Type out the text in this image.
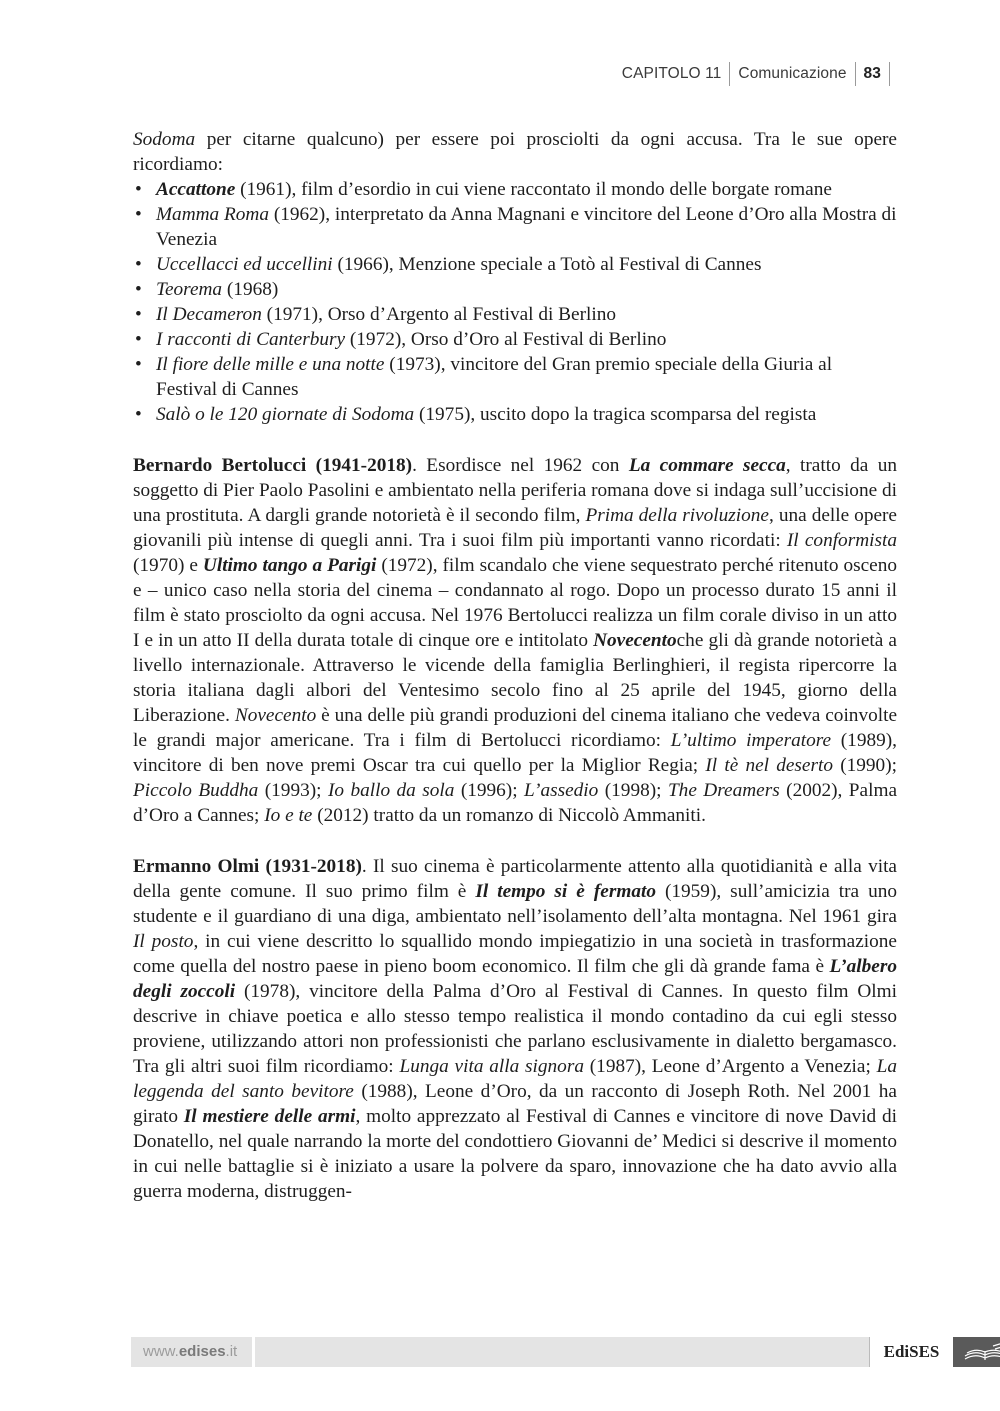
CAPITOLO 11 Comunicazione 83

Sodoma per citarne qualcuno) per essere poi prosciolti da ogni accusa. Tra le sue opere ricordiamo:

• Accattone (1961), film d’esordio in cui viene raccontato il mondo delle borgate romane
• Mamma Roma (1962), interpretato da Anna Magnani e vincitore del Leone d’Oro alla Mostra di Venezia
• Uccellacci ed uccellini (1966), Menzione speciale a Totò al Festival di Cannes
• Teorema (1968)
• Il Decameron (1971), Orso d’Argento al Festival di Berlino
• I racconti di Canterbury (1972), Orso d’Oro al Festival di Berlino
• Il fiore delle mille e una notte (1973), vincitore del Gran premio speciale della Giuria al Festival di Cannes
• Salò o le 120 giornate di Sodoma (1975), uscito dopo la tragica scomparsa del regista

Bernardo Bertolucci (1941-2018). Esordisce nel 1962 con La commare secca, tratto da un soggetto di Pier Paolo Pasolini e ambientato nella periferia romana dove si indaga sull’uccisione di una prostituta. A dargli grande notorietà è il secondo film, Prima della rivoluzione, una delle opere giovanili più intense di quegli anni. Tra i suoi film più importanti vanno ricordati: Il conformista (1970) e Ultimo tango a Parigi (1972), film scandalo che viene sequestrato perché ritenuto osceno e – unico caso nella storia del cinema – condannato al rogo. Dopo un processo durato 15 anni il film è stato prosciolto da ogni accusa. Nel 1976 Bertolucci realizza un film corale diviso in un atto I e in un atto II della durata totale di cinque ore e intitolato Novecentoche gli dà grande notorietà a livello internazionale. Attraverso le vicende della famiglia Berlinghieri, il regista ripercorre la storia italiana dagli albori del Ventesimo secolo fino al 25 aprile del 1945, giorno della Liberazione. Novecento è una delle più grandi produzioni del cinema italiano che vedeva coinvolte le grandi major americane. Tra i film di Bertolucci ricordiamo: L’ultimo imperatore (1989), vincitore di ben nove premi Oscar tra cui quello per la Miglior Regia; Il tè nel deserto (1990); Piccolo Buddha (1993); Io ballo da sola (1996); L’assedio (1998); The Dreamers (2002), Palma d’Oro a Cannes; Io e te (2012) tratto da un romanzo di Niccolò Ammaniti.

Ermanno Olmi (1931-2018). Il suo cinema è particolarmente attento alla quotidianità e alla vita della gente comune. Il suo primo film è Il tempo si è fermato (1959), sull’amicizia tra uno studente e il guardiano di una diga, ambientato nell’isolamento dell’alta montagna. Nel 1961 gira Il posto, in cui viene descritto lo squallido mondo impiegatizio in una società in trasformazione come quella del nostro paese in pieno boom economico. Il film che gli dà grande fama è L’albero degli zoccoli (1978), vincitore della Palma d’Oro al Festival di Cannes. In questo film Olmi descrive in chiave poetica e allo stesso tempo realistica il mondo contadino da cui egli stesso proviene, utilizzando attori non professionisti che parlano esclusivamente in dialetto bergamasco. Tra gli altri suoi film ricordiamo: Lunga vita alla signora (1987), Leone d’Argento a Venezia; La leggenda del santo bevitore (1988), Leone d’Oro, da un racconto di Joseph Roth. Nel 2001 ha girato Il mestiere delle armi, molto apprezzato al Festival di Cannes e vincitore di nove David di Donatello, nel quale narrando la morte del condottiero Giovanni de’ Medici si descrive il momento in cui nelle battaglie si è iniziato a usare la polvere da sparo, innovazione che ha dato avvio alla guerra moderna, distruggen-

www.edises.it	EdiSES
